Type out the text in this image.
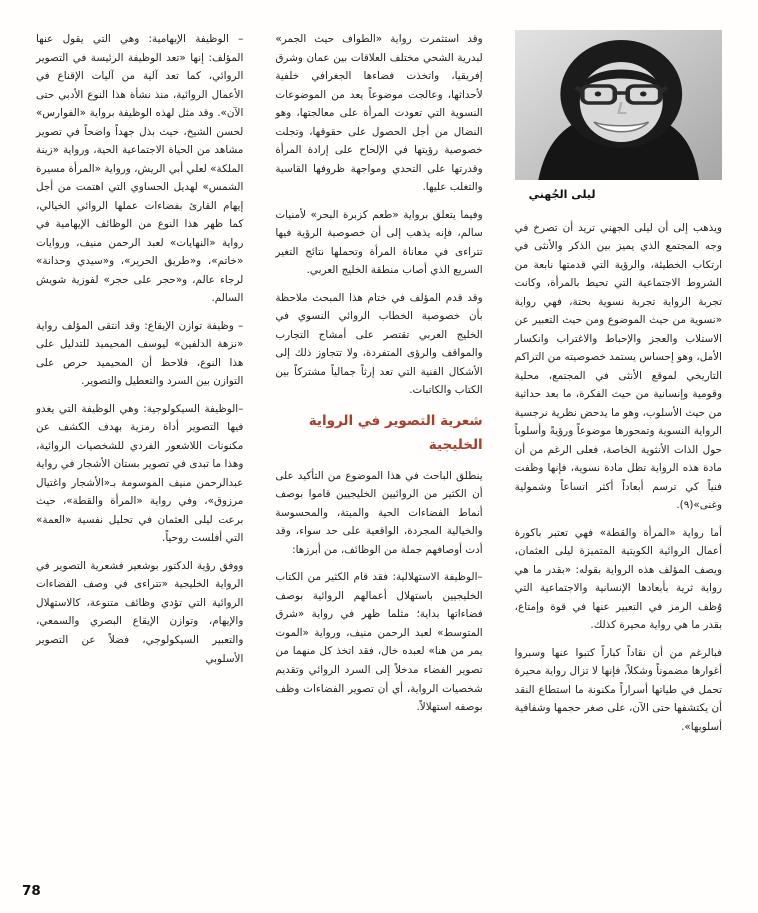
ليلى الجُهني

ويذهب إلى أن ليلى الجهني تريد أن تصرخ في وجه المجتمع الذي يميز بين الذكر والأنثى في ارتكاب الخطيئة، والرؤية التي قدمتها نابعة من الشروط الاجتماعية التي تحيط بالمرأة، وكانت تجربة الرواية تجربة نسوية بحتة، فهي رواية «نسوية من حيث الموضوع ومن حيث التعبير عن الاستلاب والعجز والإحباط والاغتراب وانكسار الأمل، وهو إحساس يستمد خصوصيته من التراكم التاريخي لموقع الأنثى في المجتمع، محلية وقومية وإنسانية من حيث الفكرة، ما بعد حداثية من حيث الأسلوب، وهو ما يدحض نظرية نرجسية الرواية النسوية وتمحورها موضوعاً ورؤيةً وأسلوباً حول الذات الأنثوية الخاصة، فعلى الرغم من أن مادة هذه الرواية تظل مادة نسوية، فإنها وظفت فنياً كي ترسم أبعاداً أكثر اتساعاً وشمولية وغنى»(٩).

أما رواية «المرأة والقطة» فهي تعتبر باكورة أعمال الروائية الكويتية المتميزة ليلى العثمان، ويصف المؤلف هذه الرواية بقوله: «بقدر ما هي رواية ثرية بأبعادها الإنسانية والاجتماعية التي وُظف الرمز في التعبير عنها في قوة وإمتاع، بقدر ما هي رواية محيرة كذلك.

فبالرغم من أن نقاداً كباراً كتبوا عنها وسبروا أغوارها مضموناً وشكلاً، فإنها لا تزال رواية محيرة تحمل في طياتها أسراراً مكنونة ما استطاع النقد أن يكتشفها حتى الآن، على صغر حجمها وشفافية أسلوبها».

وقد استثمرت رواية «الطواف حيث الجمر» لبدرية الشحي مختلف العلاقات بين عمان وشرق إفريقيا، واتخذت فضاءها الجغرافي خلفية لأحداثها، وعالجت موضوعاً يعد من الموضوعات النسوية التي تعودت المرأة على معالجتها، وهو النضال من أجل الحصول على حقوقها، وتجلت خصوصية رؤيتها في الإلحاح على إرادة المرأة وقدرتها على التحدي ومواجهة ظروفها القاسية والتغلب عليها.

وفيما يتعلق برواية «طعم كزبرة البحر» لأمنيات سالم، فإنه يذهب إلى أن خصوصية الرؤية فيها تتراءى في معاناة المرأة وتحملها نتائج التغير السريع الذي أصاب منطقة الخليج العربي.

وقد قدم المؤلف في ختام هذا المبحث ملاحظة بأن خصوصية الخطاب الروائي النسوي في الخليج العربي تقتصر على أمشاج التجارب والمواقف والرؤى المتفردة، ولا تتجاوز ذلك إلى الأشكال الفنية التي تعد إرثاً جمالياً مشتركاً بين الكتاب والكاتبات.

شعرية التصوير في الرواية الخليجية

ينطلق الباحث في هذا الموضوع من التأكيد على أن الكثير من الروائيين الخليجيين قاموا بوصف أنماط الفضاءات الحية والميتة، والمحسوسة والخيالية المجردة، الواقعية على حد سواء، وقد أدت أوصافهم جملة من الوظائف، من أبرزها:

–الوظيفة الاستهلالية: فقد قام الكثير من الكتاب الخليجيين باستهلال أعمالهم الروائية بوصف فضاءاتها بداية؛ مثلما ظهر في رواية «شرق المتوسط» لعبد الرحمن منيف، ورواية «الموت يمر من هنا» لعبده خال، فقد اتخذ كل منهما من تصوير الفضاء مدخلاً إلى السرد الروائي وتقديم شخصيات الرواية، أي أن تصوير الفضاءات وظف بوصفه استهلالاً.

– الوظيفة الإيهامية: وهي التي يقول عنها المؤلف: إنها «تعد الوظيفة الرئيسة في التصوير الروائي، كما تعد آلية من آليات الإقناع في الأعمال الروائية، منذ نشأة هذا النوع الأدبي حتى الآن». وقد مثل لهذه الوظيفة برواية «الفوارس» لحسن الشيخ، حيث بذل جهداً واضحاً في تصوير مشاهد من الحياة الاجتماعية الحية، ورواية «زينة الملكة» لعلي أبي الريش، ورواية «المرأة مسيرة الشمس» لهديل الحساوي التي اهتمت من أجل إيهام القارئ بفضاءات عملها الروائي الخيالي، كما ظهر هذا النوع من الوظائف الإيهامية في رواية «النهايات» لعبد الرحمن منيف، وروايات «خاتم»، و«طريق الحرير»، و«سيدي وحدانة» لرجاء عالم، و«حجر على حجر» لفوزية شويش السالم.

– وظيفة توازن الإيقاع: وقد انتقى المؤلف رواية «نزهة الدلفين» ليوسف المحيميد للتدليل على هذا النوع، فلاحظ أن المحيميد حرص على التوازن بين السرد والتعطيل والتصوير.

–الوظيفة السيكولوجية: وهي الوظيفة التي يغدو فيها التصوير أداة رمزية بهدف الكشف عن مكنونات اللاشعور الفردي للشخصيات الروائية، وهذا ما تبدى في تصوير بستان الأشجار في رواية عبدالرحمن منيف الموسومة بـ«الأشجار واغتيال مرزوق»، وفي رواية «المرأة والقطة»، حيث برعت ليلى العثمان في تحليل نفسية «العمة» التي أفلست روحياً.

ووفق رؤية الدكتور بوشعير فشعرية التصوير في الرواية الخليجية «تتراءى في وصف الفضاءات الروائية التي تؤدي وظائف متنوعة، كالاستهلال والإيهام، وتوازن الإيقاع البصري والسمعي، والتعبير السيكولوجي، فضلاً عن التصوير الأسلوبي

78
